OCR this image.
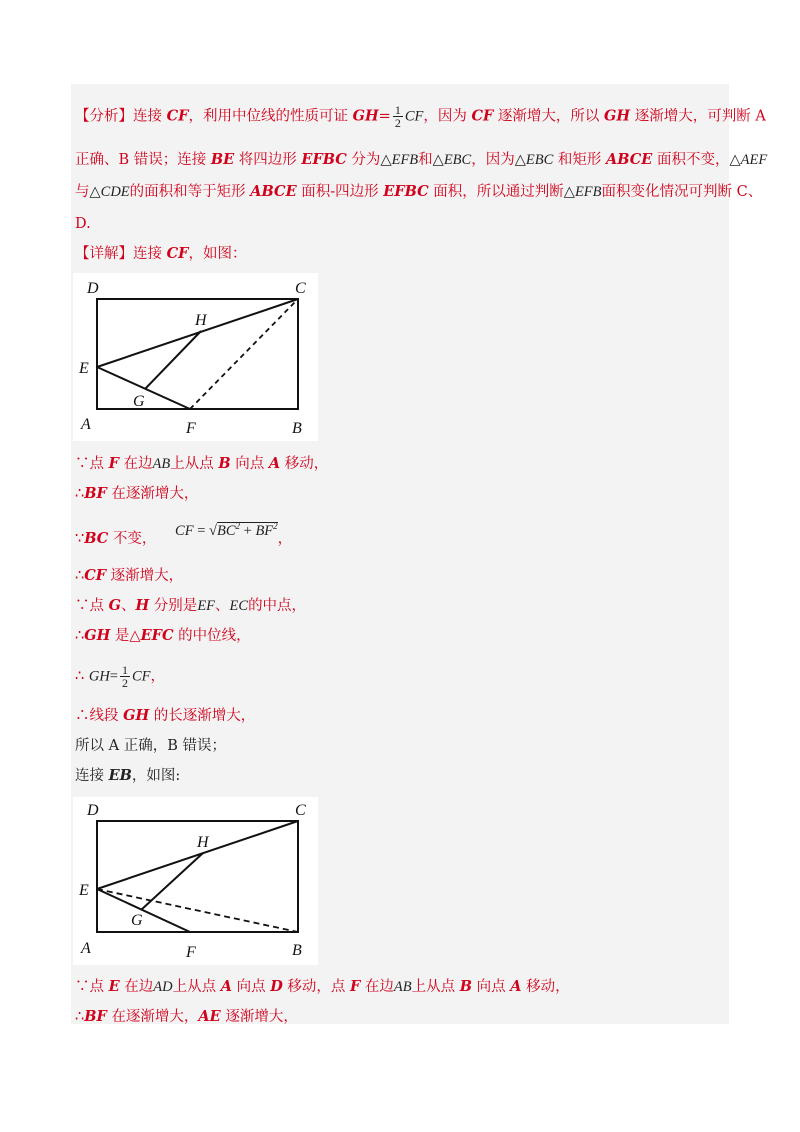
【分析】连接 CF，利用中位线的性质可证 $GH= \frac{1}{2}$ CF，因为 CF 逐渐增大，所以 GH 逐渐增大，可判断 A
正确、B 错误；连接 BE 将四边形 EFBC 分为△EFB和△EBC，因为△EBC 和矩形 ABCE 面积不变，△AEF
与△CDE的面积和等于矩形 ABCE 面积-四边形 EFBC 面积，所以通过判断△EFB面积变化情况可判断 C、
D.
【详解】连接 CF，如图：
D	C
H
E
G
A	F	B
∵点 F 在边AB上从点 B 向点 A 移动，
∴BF 在逐渐增大，
∵BC 不变， CF = $√BC^2 + BF^2$，
∴CF 逐渐增大，
∵点 G、H 分别是EF、EC的中点，
∴GH 是△EFC 的中位线，
∴ $GH= \frac{1}{2}$ CF，
∴线段 GH 的长逐渐增大，
所以 A 正确，B 错误；
连接 EB，如图:
D	C
H
E
G
A	F	B
∵点 E 在边AD上从点 A 向点 D 移动，点 F 在边AB上从点 B 向点 A 移动，
∴BF 在逐渐增大，AE 逐渐增大，
